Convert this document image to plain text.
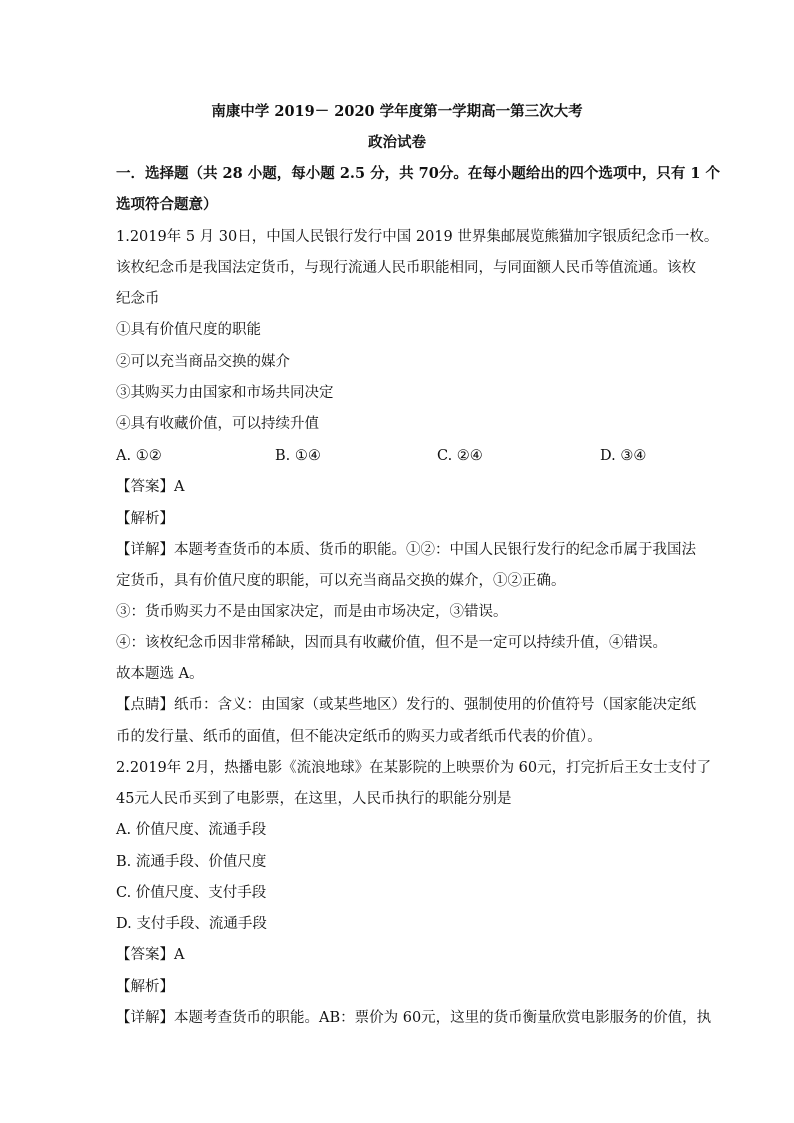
南康中学 2019－ 2020 学年度第一学期高一第三次大考
政治试卷
一．选择题（共 28 小题，每小题 2.5 分，共 70分。在每小题给出的四个选项中，只有 1 个
选项符合题意）
1.2019年 5 月 30日，中国人民银行发行中国 2019 世界集邮展览熊猫加字银质纪念币一枚。
该枚纪念币是我国法定货币，与现行流通人民币职能相同，与同面额人民币等值流通。该枚
纪念币
①具有价值尺度的职能
②可以充当商品交换的媒介
③其购买力由国家和市场共同决定
④具有收藏价值，可以持续升值
A. ①②	B. ①④	C. ②④	D. ③④
【答案】A
【解析】
【详解】本题考查货币的本质、货币的职能。①②：中国人民银行发行的纪念币属于我国法
定货币，具有价值尺度的职能，可以充当商品交换的媒介，①②正确。
③：货币购买力不是由国家决定，而是由市场决定，③错误。
④：该枚纪念币因非常稀缺，因而具有收藏价值，但不是一定可以持续升值，④错误。
故本题选 A。
【点睛】纸币：含义：由国家（或某些地区）发行的、强制使用的价值符号（国家能决定纸
币的发行量、纸币的面值，但不能决定纸币的购买力或者纸币代表的价值）。
2.2019年 2月，热播电影《流浪地球》在某影院的上映票价为 60元，打完折后王女士支付了
45元人民币买到了电影票，在这里，人民币执行的职能分别是
A. 价值尺度、流通手段
B. 流通手段、价值尺度
C. 价值尺度、支付手段
D. 支付手段、流通手段
【答案】A
【解析】
【详解】本题考查货币的职能。AB：票价为 60元，这里的货币衡量欣赏电影服务的价值，执
